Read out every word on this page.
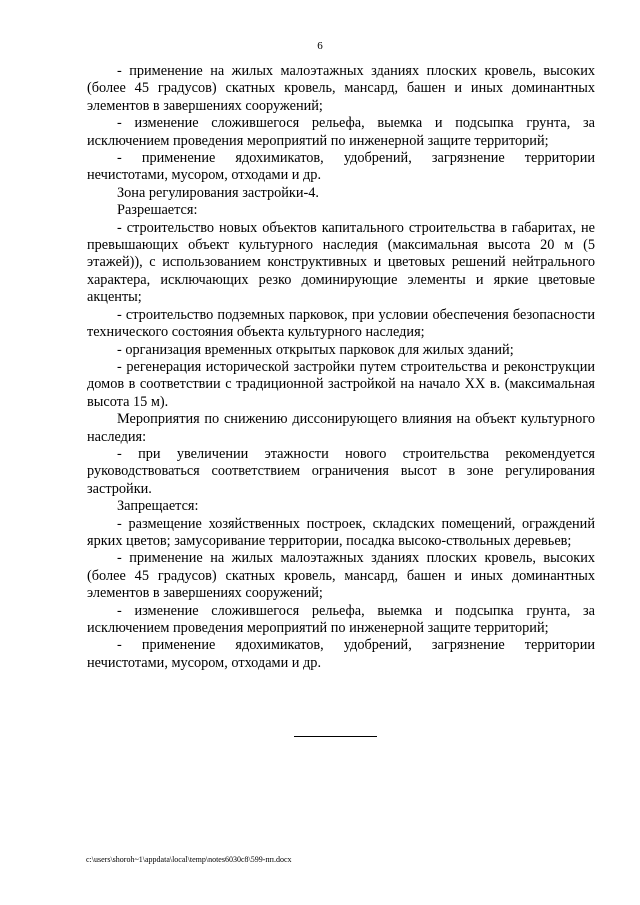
6

- применение на жилых малоэтажных зданиях плоских кровель, высоких (более 45 градусов) скатных кровель, мансард, башен и иных доминантных элементов в завершениях сооружений;

- изменение сложившегося рельефа, выемка и подсыпка грунта, за исключением проведения мероприятий по инженерной защите территорий;

- применение ядохимикатов, удобрений, загрязнение территории нечистотами, мусором, отходами и др.

Зона регулирования застройки-4.

Разрешается:

- строительство новых объектов капитального строительства в габаритах, не превышающих объект культурного наследия (максимальная высота 20 м (5 этажей)), с использованием конструктивных и цветовых решений нейтрального характера, исключающих резко доминирующие элементы и яркие цветовые акценты;

- строительство подземных парковок, при условии обеспечения безопасности технического состояния объекта культурного наследия;

- организация временных открытых парковок для жилых зданий;

- регенерация исторической застройки путем строительства и реконструкции домов в соответствии с традиционной застройкой на начало XX в. (максимальная высота 15 м).

Мероприятия по снижению диссонирующего влияния на объект культурного наследия:

- при увеличении этажности нового строительства рекомендуется руководствоваться соответствием ограничения высот в зоне регулирования застройки.

Запрещается:

- размещение хозяйственных построек, складских помещений, ограждений ярких цветов; замусоривание территории, посадка высоко-ствольных деревьев;

- применение на жилых малоэтажных зданиях плоских кровель, высоких (более 45 градусов) скатных кровель, мансард, башен и иных доминантных элементов в завершениях сооружений;

- изменение сложившегося рельефа, выемка и подсыпка грунта, за исключением проведения мероприятий по инженерной защите территорий;

- применение ядохимикатов, удобрений, загрязнение территории нечистотами, мусором, отходами и др.

c:\users\shoroh~1\appdata\local\temp\notes6030c8\599-пп.docx
